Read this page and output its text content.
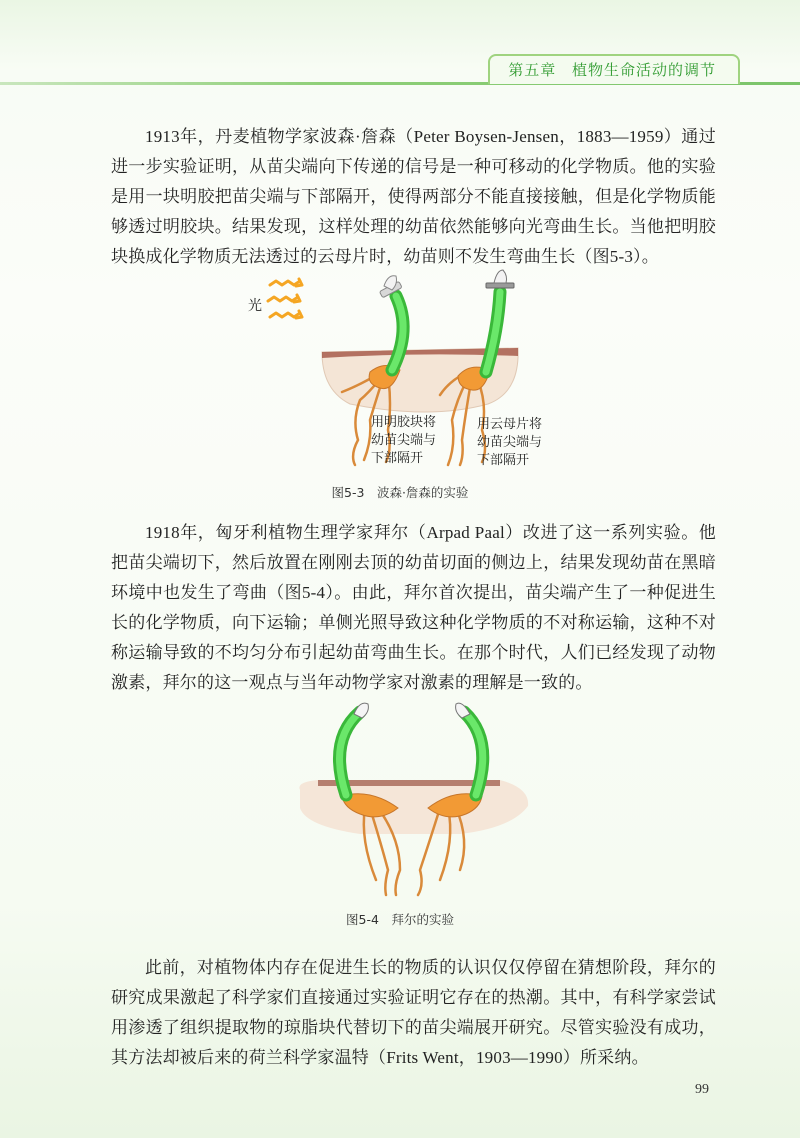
第五章 植物生命活动的调节

1913年，丹麦植物学家波森·詹森（Peter Boysen-Jensen，1883—1959）通过进一步实验证明，从苗尖端向下传递的信号是一种可移动的化学物质。他的实验是用一块明胶把苗尖端与下部隔开，使得两部分不能直接接触，但是化学物质能够透过明胶块。结果发现，这样处理的幼苗依然能够向光弯曲生长。当他把明胶块换成化学物质无法透过的云母片时，幼苗则不发生弯曲生长（图5-3）。

光
用明胶块将
幼苗尖端与
下部隔开
用云母片将
幼苗尖端与
下部隔开
图5-3　波森·詹森的实验

1918年，匈牙利植物生理学家拜尔（Arpad Paal）改进了这一系列实验。他把苗尖端切下，然后放置在刚刚去顶的幼苗切面的侧边上，结果发现幼苗在黑暗环境中也发生了弯曲（图5-4）。由此，拜尔首次提出，苗尖端产生了一种促进生长的化学物质，向下运输；单侧光照导致这种化学物质的不对称运输，这种不对称运输导致的不均匀分布引起幼苗弯曲生长。在那个时代，人们已经发现了动物激素，拜尔的这一观点与当年动物学家对激素的理解是一致的。

图5-4　拜尔的实验

此前，对植物体内存在促进生长的物质的认识仅仅停留在猜想阶段，拜尔的研究成果激起了科学家们直接通过实验证明它存在的热潮。其中，有科学家尝试用渗透了组织提取物的琼脂块代替切下的苗尖端展开研究。尽管实验没有成功，其方法却被后来的荷兰科学家温特（Frits Went，1903—1990）所采纳。

99
